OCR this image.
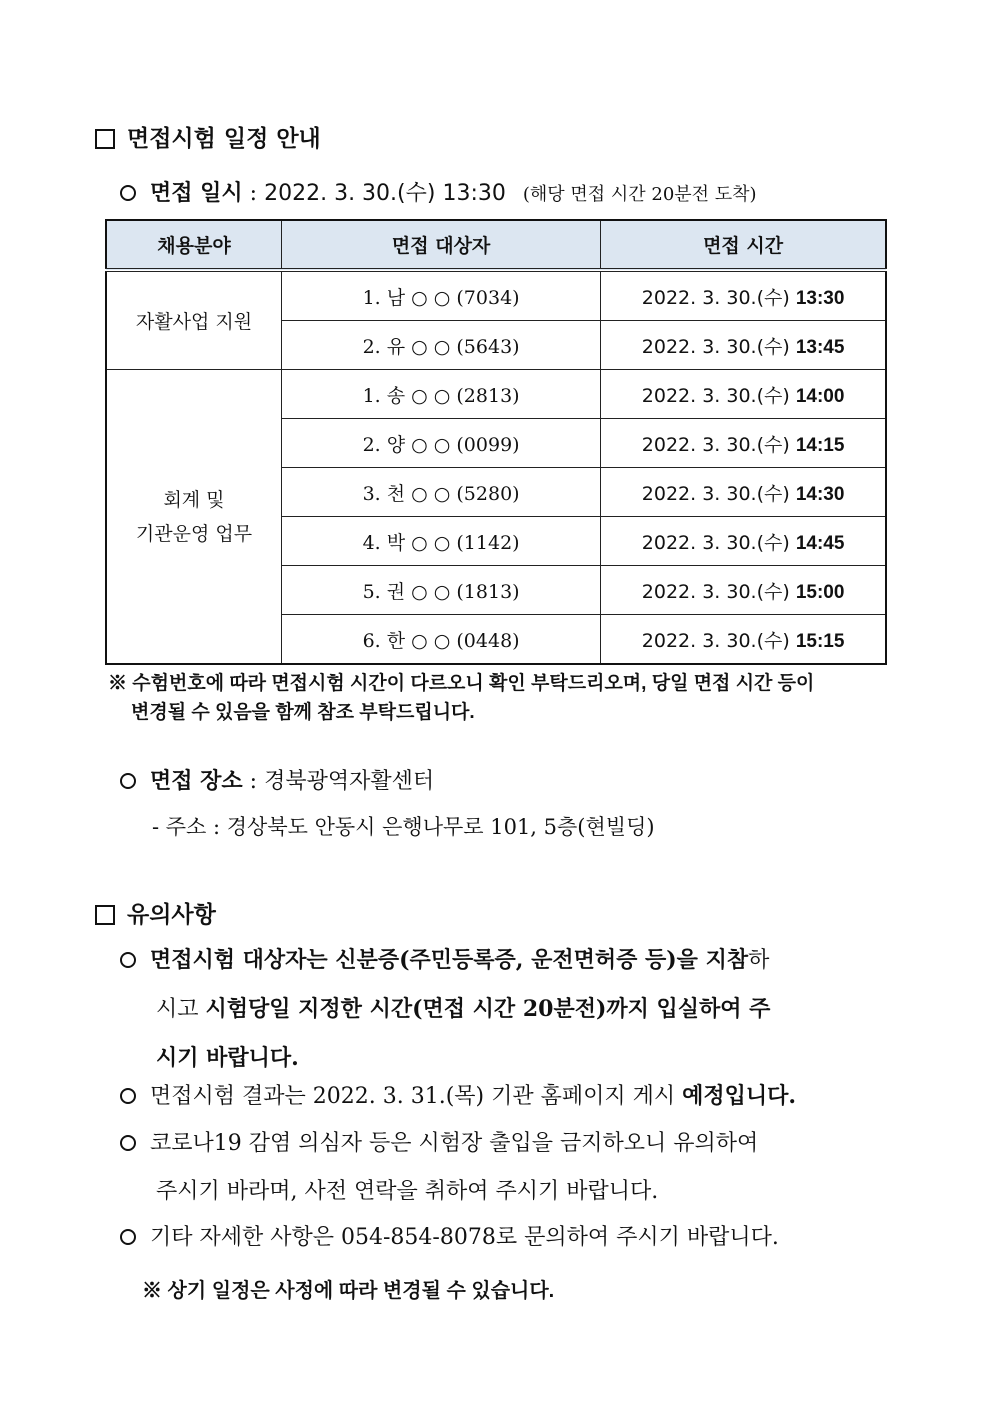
면접시험 일정 안내
면접 일시 : 2022. 3. 30.(수) 13:30 (해당 면접 시간 20분전 도착)
채용분야	면접 대상자	면접 시간
자활사업 지원	1. 남 ○ ○ (7034)	2022. 3. 30.(수) 13:30
	2. 유 ○ ○ (5643)	2022. 3. 30.(수) 13:45

회계 및
기관운영 업무	1. 송 ○ ○ (2813)	2022. 3. 30.(수) 14:00
	2. 양 ○ ○ (0099)	2022. 3. 30.(수) 14:15
	3. 천 ○ ○ (5280)	2022. 3. 30.(수) 14:30
	4. 박 ○ ○ (1142)	2022. 3. 30.(수) 14:45
	5. 권 ○ ○ (1813)	2022. 3. 30.(수) 15:00
	6. 한 ○ ○ (0448)	2022. 3. 30.(수) 15:15
※ 수험번호에 따라 면접시험 시간이 다르오니 확인 부탁드리오며, 당일 면접 시간 등이
변경될 수 있음을 함께 참조 부탁드립니다.
면접 장소 : 경북광역자활센터
- 주소 : 경상북도 안동시 은행나무로 101, 5층(현빌딩)
유의사항
면접시험 대상자는 신분증(주민등록증, 운전면허증 등)을 지참하
시고 시험당일 지정한 시간(면접 시간 20분전)까지 입실하여 주
시기 바랍니다.
면접시험 결과는 2022. 3. 31.(목) 기관 홈페이지 게시 예정입니다.
코로나19 감염 의심자 등은 시험장 출입을 금지하오니 유의하여
주시기 바라며, 사전 연락을 취하여 주시기 바랍니다.
기타 자세한 사항은 054-854-8078로 문의하여 주시기 바랍니다.
※ 상기 일정은 사정에 따라 변경될 수 있습니다.
